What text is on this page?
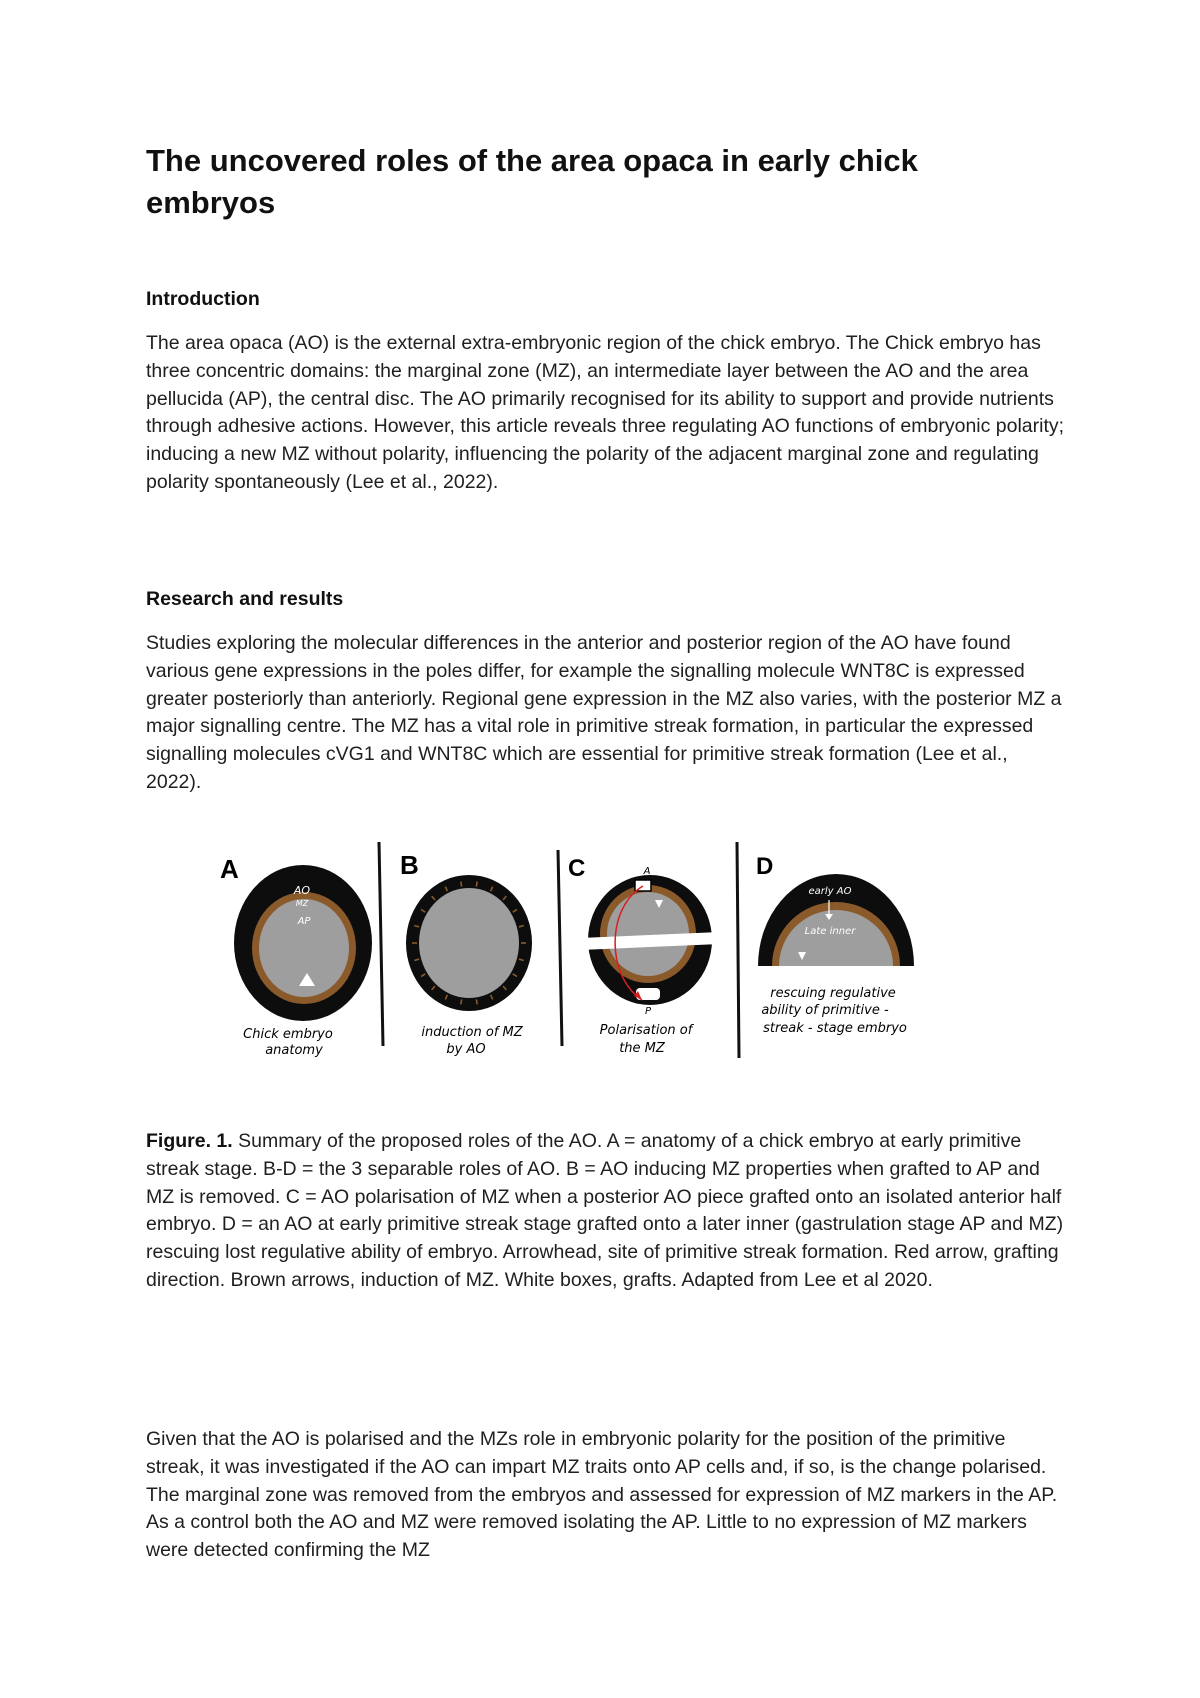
The uncovered roles of the area opaca in early chick embryos
Introduction

The area opaca (AO) is the external extra-embryonic region of the chick embryo. The Chick embryo has three concentric domains: the marginal zone (MZ), an intermediate layer between the AO and the area pellucida (AP), the central disc. The AO primarily recognised for its ability to support and provide nutrients through adhesive actions. However, this article reveals three regulating AO functions of embryonic polarity; inducing a new MZ without polarity, influencing the polarity of the adjacent marginal zone and regulating polarity spontaneously (Lee et al., 2022).

Research and results

Studies exploring the molecular differences in the anterior and posterior region of the AO have found various gene expressions in the poles differ, for example the signalling molecule WNT8C is expressed greater posteriorly than anteriorly. Regional gene expression in the MZ also varies, with the posterior MZ a major signalling centre. The MZ has a vital role in primitive streak formation, in particular the expressed signalling molecules cVG1 and WNT8C which are essential for primitive streak formation (Lee et al., 2022).

Figure. 1. Summary of the proposed roles of the AO. A = anatomy of a chick embryo at early primitive streak stage. B-D = the 3 separable roles of AO. B = AO inducing MZ properties when grafted to AP and MZ is removed. C = AO polarisation of MZ when a posterior AO piece grafted onto an isolated anterior half embryo. D = an AO at early primitive streak stage grafted onto a later inner (gastrulation stage AP and MZ) rescuing lost regulative ability of embryo. Arrowhead, site of primitive streak formation. Red arrow, grafting direction. Brown arrows, induction of MZ. White boxes, grafts. Adapted from Lee et al 2020.

Given that the AO is polarised and the MZs role in embryonic polarity for the position of the primitive streak, it was investigated if the AO can impart MZ traits onto AP cells and, if so, is the change polarised. The marginal zone was removed from the embryos and assessed for expression of MZ markers in the AP. As a control both the AO and MZ were removed isolating the AP. Little to no expression of MZ markers were detected confirming the MZ

A
AO
MZ
AP
Chick embryo
anatomy
B
induction of MZ
by AO
C	A
P
Polarisation of
the MZ
D
early AO
Late inner
rescuing regulative
ability of primitive -
streak - stage embryo
